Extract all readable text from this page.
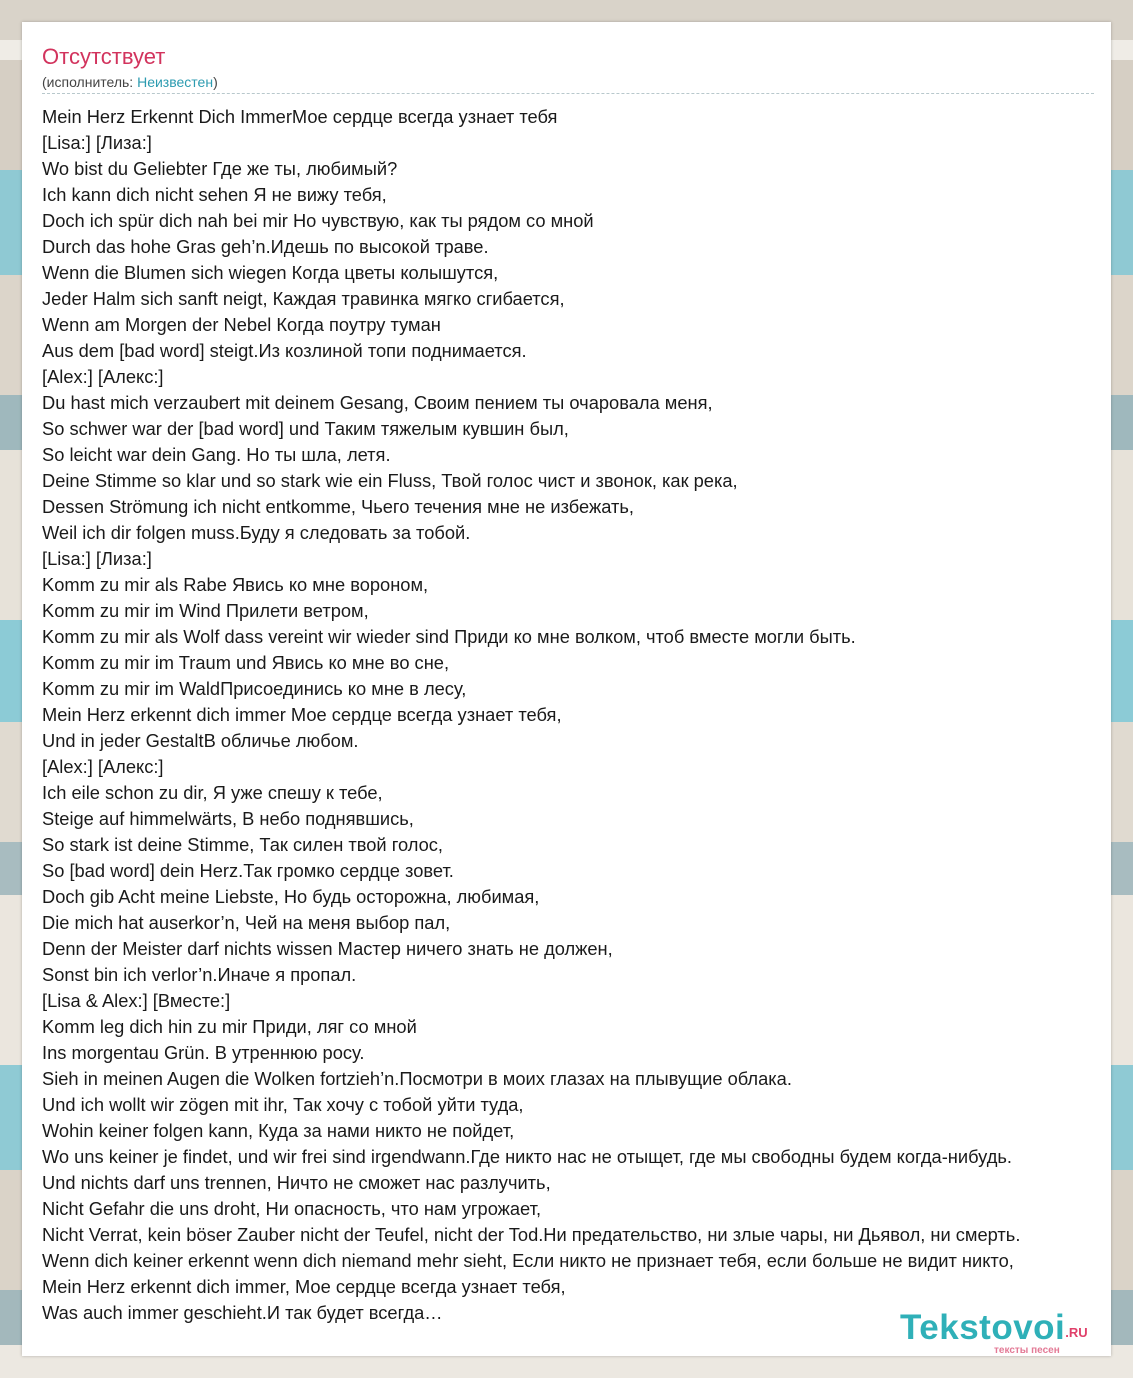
Отсутствует
(исполнитель: Неизвестен)
Mein Herz Erkennt Dich ImmerМое сердце всегда узнает тебя
[Lisa:] [Лиза:]
Wo bist du Geliebter Где же ты, любимый?
Ich kann dich nicht sehen Я не вижу тебя,
Doch ich spür dich nah bei mir Но чувствую, как ты рядом со мной
Durch das hohe Gras geh’n.Идешь по высокой траве.
Wenn die Blumen sich wiegen Когда цветы колышутся,
Jeder Halm sich sanft neigt, Каждая травинка мягко сгибается,
Wenn am Morgen der Nebel Когда поутру туман
Aus dem [bad word] steigt.Из козлиной топи поднимается.
[Alex:] [Алекс:]
Du hast mich verzaubert mit deinem Gesang, Своим пением ты очаровала меня,
So schwer war der [bad word] und Таким тяжелым кувшин был,
So leicht war dein Gang. Но ты шла, летя.
Deine Stimme so klar und so stark wie ein Fluss, Твой голос чист и звонок, как река,
Dessen Strömung ich nicht entkomme, Чьего течения мне не избежать,
Weil ich dir folgen muss.Буду я следовать за тобой.
[Lisa:] [Лиза:]
Komm zu mir als Rabe Явись ко мне вороном,
Komm zu mir im Wind Прилети ветром,
Komm zu mir als Wolf dass vereint wir wieder sind Приди ко мне волком, чтоб вместе могли быть.
Komm zu mir im Traum und Явись ко мне во сне,
Komm zu mir im WaldПрисоединись ко мне в лесу,
Mein Herz erkennt dich immer Мое сердце всегда узнает тебя,
Und in jeder GestaltВ обличье любом.
[Alex:] [Алекс:]
Ich eile schon zu dir, Я уже спешу к тебе,
Steige auf himmelwärts, В небо поднявшись,
So stark ist deine Stimme, Так силен твой голос,
So [bad word] dein Herz.Так громко сердце зовет.
Doch gib Acht meine Liebste, Но будь осторожна, любимая,
Die mich hat auserkor’n, Чей на меня выбор пал,
Denn der Meister darf nichts wissen Мастер ничего знать не должен,
Sonst bin ich verlor’n.Иначе я пропал.
[Lisa & Alex:] [Вместе:]
Komm leg dich hin zu mir Приди, ляг со мной
Ins morgentau Grün. В утреннюю росу.
Sieh in meinen Augen die Wolken fortzieh’n.Посмотри в моих глазах на плывущие облака.
Und ich wollt wir zögen mit ihr, Так хочу с тобой уйти туда,
Wohin keiner folgen kann, Куда за нами никто не пойдет,
Wo uns keiner je findet, und wir frei sind irgendwann.Где никто нас не отыщет, где мы свободны будем когда-нибудь.
Und nichts darf uns trennen, Ничто не сможет нас разлучить,
Nicht Gefahr die uns droht, Ни опасность, что нам угрожает,
Nicht Verrat, kein böser Zauber nicht der Teufel, nicht der Tod.Ни предательство, ни злые чары, ни Дьявол, ни смерть.
Wenn dich keiner erkennt wenn dich niemand mehr sieht, Если никто не признает тебя, если больше не видит никто,
Mein Herz erkennt dich immer, Мое сердце всегда узнает тебя,
Was auch immer geschieht.И так будет всегда…	Tekstovoi.RU
тексты песен
